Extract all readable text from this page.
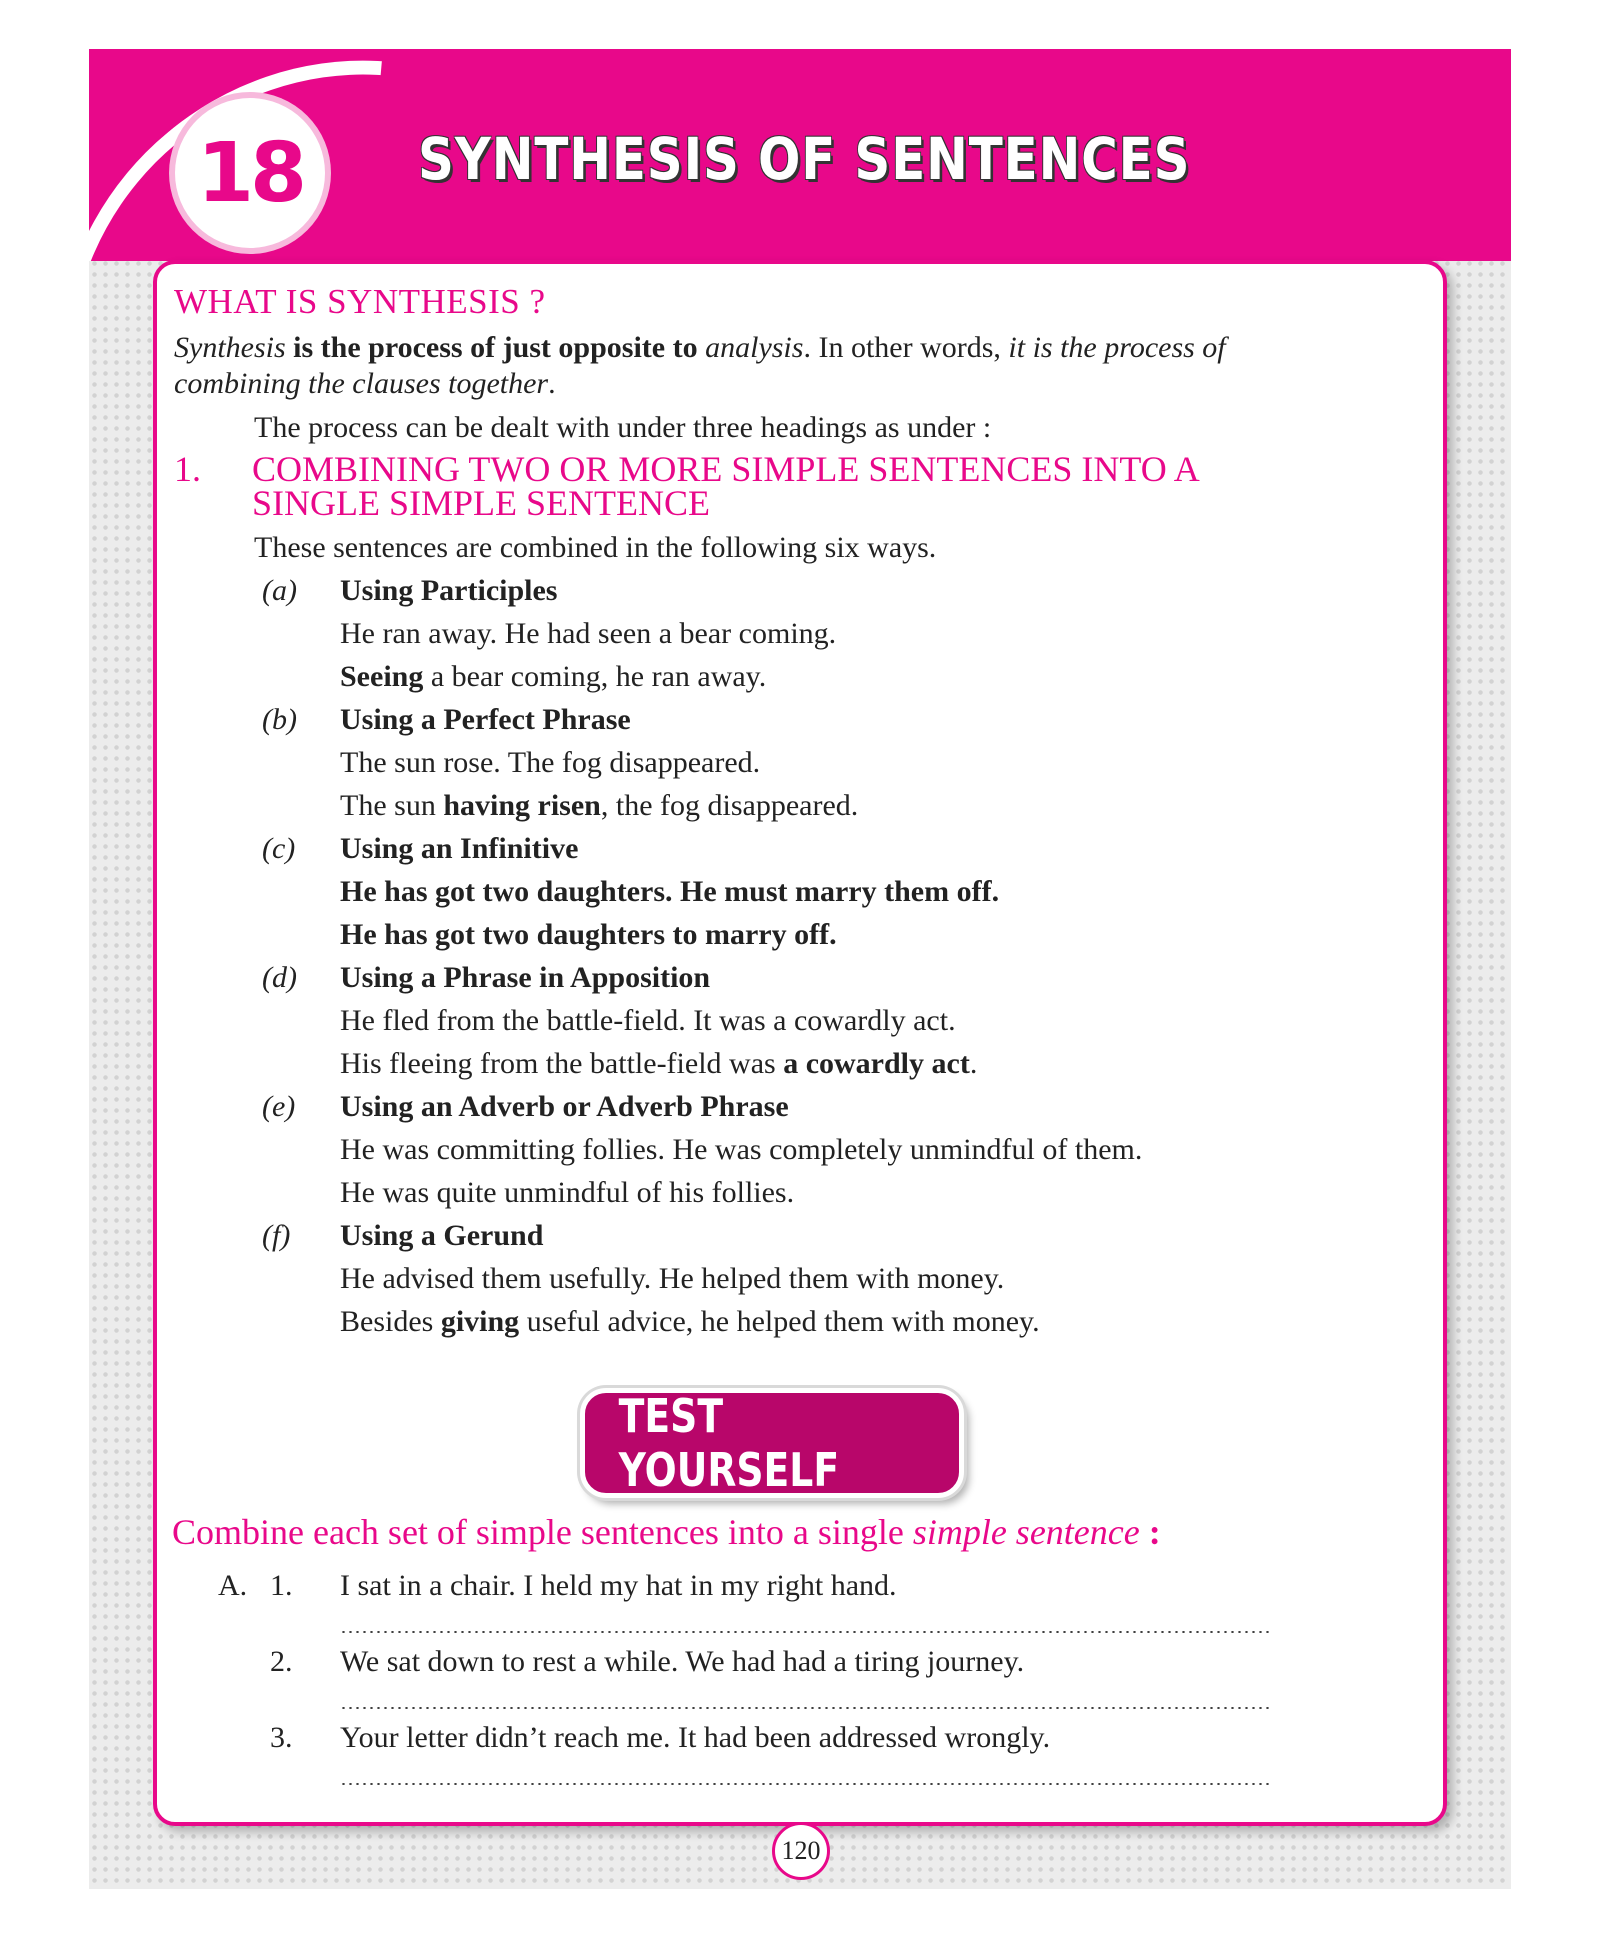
18	SYNTHESIS OF SENTENCES
WHAT IS SYNTHESIS ?
Synthesis is the process of just opposite to analysis. In other words, it is the process of
combining the clauses together.
The process can be dealt with under three headings as under :
1. COMBINING TWO OR MORE SIMPLE SENTENCES INTO A
SINGLE SIMPLE SENTENCE
These sentences are combined in the following six ways.
(a) Using Participles
He ran away. He had seen a bear coming.
Seeing a bear coming, he ran away.
(b) Using a Perfect Phrase
The sun rose. The fog disappeared.
The sun having risen, the fog disappeared.
(c) Using an Infinitive
He has got two daughters. He must marry them off.
He has got two daughters to marry off.
(d) Using a Phrase in Apposition
He fled from the battle-field. It was a cowardly act.
His fleeing from the battle-field was a cowardly act.
(e) Using an Adverb or Adverb Phrase
He was committing follies. He was completely unmindful of them.
He was quite unmindful of his follies.
(f) Using a Gerund
He advised them usefully. He helped them with money.
Besides giving useful advice, he helped them with money.
TEST YOURSELF
Combine each set of simple sentences into a single simple sentence :
A. 1. I sat in a chair. I held my hat in my right hand.
2. We sat down to rest a while. We had had a tiring journey.
3. Your letter didn’t reach me. It had been addressed wrongly.
120
